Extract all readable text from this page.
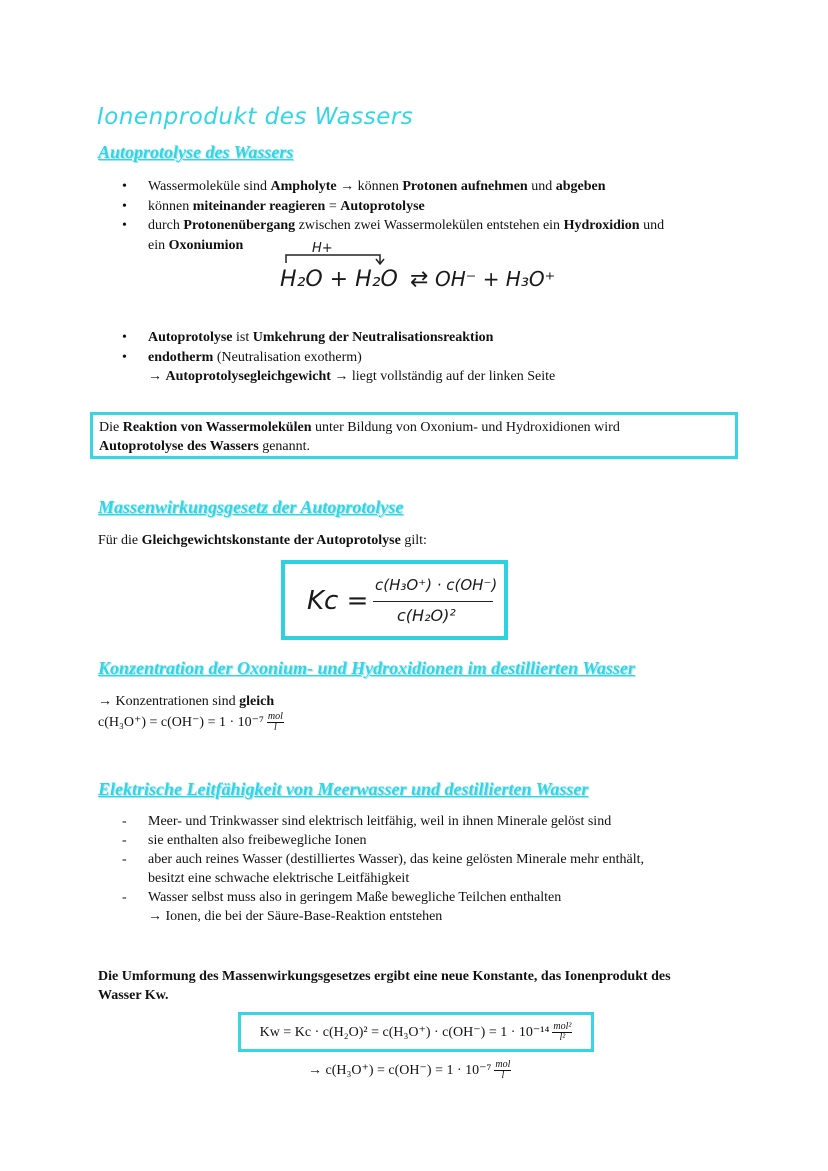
Ionenprodukt des Wassers
Autoprotolyse des Wassers
• Wassermoleküle sind Ampholyte → können Protonen aufnehmen und abgeben
• können miteinander reagieren = Autoprotolyse
• durch Protonenübergang zwischen zwei Wassermolekülen entstehen ein Hydroxidion und
ein Oxoniumion	H+
H₂O + H₂O ⇄ OH⁻ + H₃O⁺
• Autoprotolyse ist Umkehrung der Neutralisationsreaktion
• endotherm (Neutralisation exotherm)
→ Autoprotolysegleichgewicht → liegt vollständig auf der linken Seite
Die Reaktion von Wassermolekülen unter Bildung von Oxonium- und Hydroxidionen wird
Autoprotolyse des Wassers genannt.
Massenwirkungsgesetz der Autoprotolyse
Für die Gleichgewichtskonstante der Autoprotolyse gilt:
Kc =
c(H₃O⁺) · c(OH⁻)
c(H₂O)²
Konzentration der Oxonium- und Hydroxidionen im destillierten Wasser
→ Konzentrationen sind gleich
$c(H_3O^+) = c(OH^-) = 1 \cdot 10^{-7} \frac{\text{mol}}{l}$
Elektrische Leitfähigkeit von Meerwasser und destillierten Wasser
- Meer- und Trinkwasser sind elektrisch leitfähig, weil in ihnen Minerale gelöst sind
- sie enthalten also freibewegliche Ionen
- aber auch reines Wasser (destilliertes Wasser), das keine gelösten Minerale mehr enthält,
besitzt eine schwache elektrische Leitfähigkeit
- Wasser selbst muss also in geringem Maße bewegliche Teilchen enthalten
→ Ionen, die bei der Säure-Base-Reaktion entstehen
Die Umformung des Massenwirkungsgesetzes ergibt eine neue Konstante, das Ionenprodukt des
Wasser Kw.
$Kw = Kc \cdot c(H_2O)^2 = c(H_3O^+) \cdot c(OH^-) = 1 \cdot 10^{-14} \frac{\text{mol²}}{\text{l²}}$
→ $c(H_3O^+) = c(OH^-) = 1 \cdot 10^{-7} \frac{\text{mol}}{l}$
